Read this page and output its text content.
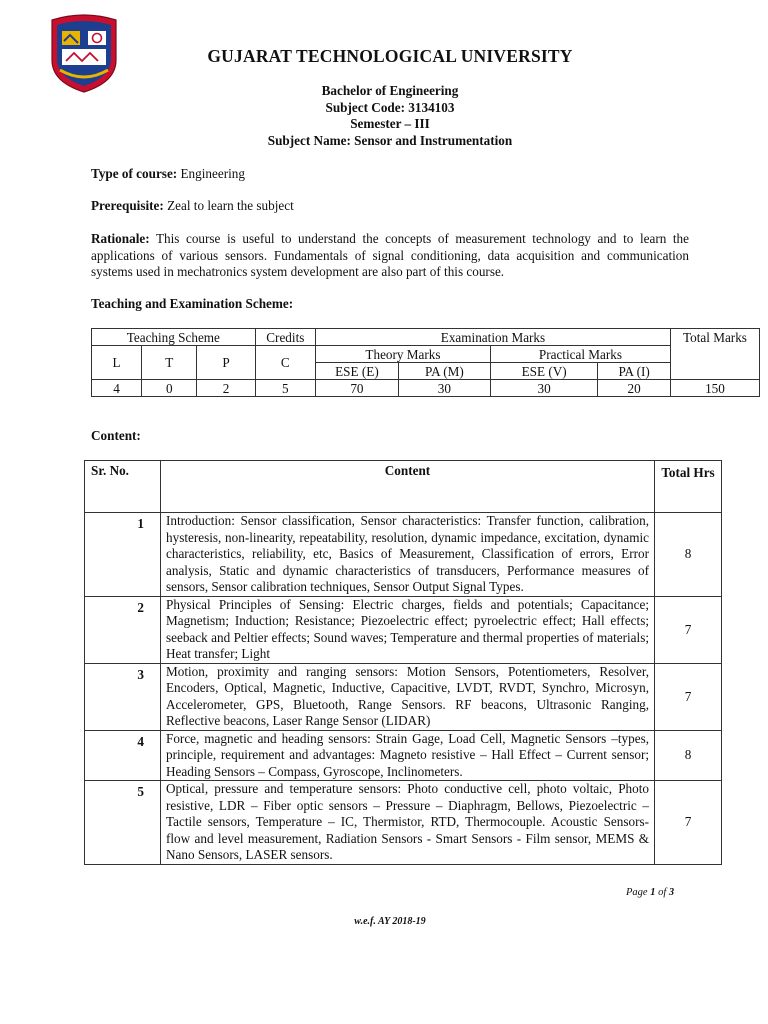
GUJARAT TECHNOLOGICAL UNIVERSITY
Bachelor of Engineering
Subject Code: 3134103
Semester – III
Subject Name: Sensor and Instrumentation
Type of course: Engineering
Prerequisite: Zeal to learn the subject
Rationale: This course is useful to understand the concepts of measurement technology and to learn the applications of various sensors. Fundamentals of signal conditioning, data acquisition and communication systems used in mechatronics system development are also part of this course.
Teaching and Examination Scheme:
Teaching Scheme			Credits	Examination Marks				Total Marks
L	T	P	C	Theory Marks		Practical Marks		
				ESE (E)	PA (M)	ESE (V)	PA (I)	
4	0	2	5	70	30	30	20	150
Content:
Sr. No.	Content	Total Hrs
1	Introduction: Sensor classification, Sensor characteristics: Transfer function, calibration, hysteresis, non-linearity, repeatability, resolution, dynamic impedance, excitation, dynamic characteristics, reliability, etc, Basics of Measurement, Classification of errors, Error analysis, Static and dynamic characteristics of transducers, Performance measures of sensors, Sensor calibration techniques, Sensor Output Signal Types.	8
2	Physical Principles of Sensing: Electric charges, fields and potentials; Capacitance; Magnetism; Induction; Resistance; Piezoelectric effect; pyroelectric effect; Hall effects; seeback and Peltier effects; Sound waves; Temperature and thermal properties of materials; Heat transfer; Light	7
3	Motion, proximity and ranging sensors: Motion Sensors, Potentiometers, Resolver, Encoders, Optical, Magnetic, Inductive, Capacitive, LVDT, RVDT, Synchro, Microsyn, Accelerometer, GPS, Bluetooth, Range Sensors. RF beacons, Ultrasonic Ranging, Reflective beacons, Laser Range Sensor (LIDAR)	7
4	Force, magnetic and heading sensors: Strain Gage, Load Cell, Magnetic Sensors –types, principle, requirement and advantages: Magneto resistive – Hall Effect – Current sensor; Heading Sensors – Compass, Gyroscope, Inclinometers.	8
5	Optical, pressure and temperature sensors: Photo conductive cell, photo voltaic, Photo resistive, LDR – Fiber optic sensors – Pressure – Diaphragm, Bellows, Piezoelectric – Tactile sensors, Temperature – IC, Thermistor, RTD, Thermocouple. Acoustic Sensors- flow and level measurement, Radiation Sensors - Smart Sensors - Film sensor, MEMS & Nano Sensors, LASER sensors.	7
Page 1 of 3
w.e.f. AY 2018-19
